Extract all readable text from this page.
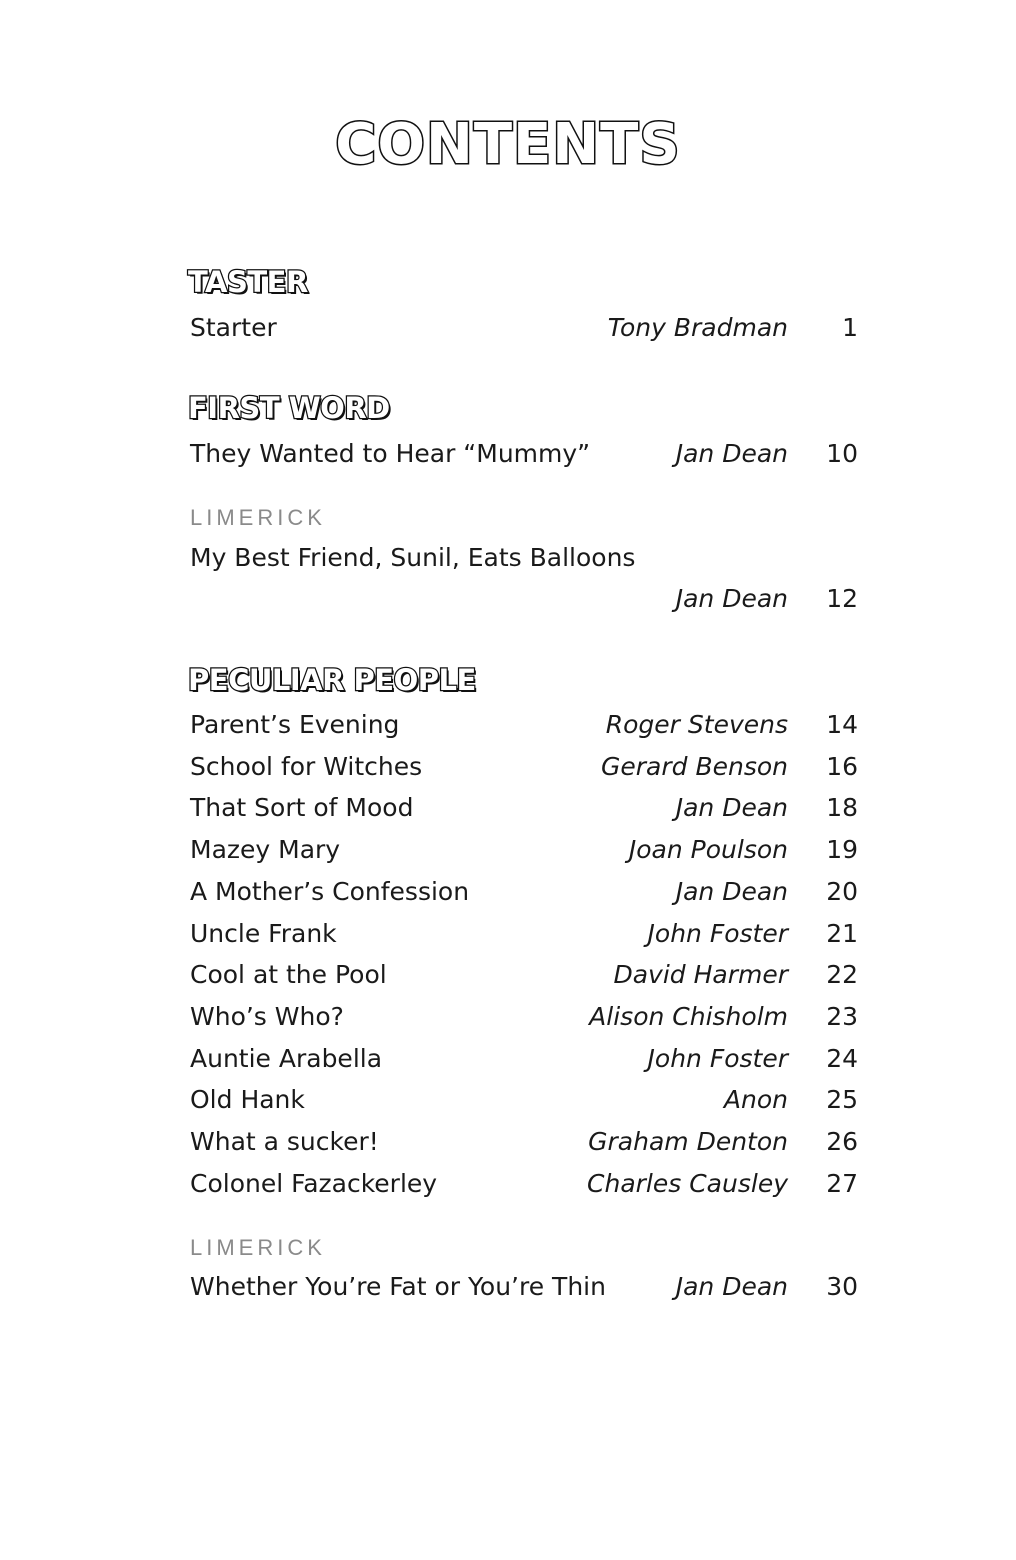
CONTENTS
TASTER
Starter	Tony Bradman 1
FIRST WORD
They Wanted to Hear “Mummy”	Jan Dean 10
LIMERICK
My Best Friend, Sunil, Eats Balloons
Jan Dean 12
PECULIAR PEOPLE
Parent’s Evening	Roger Stevens 14
School for Witches	Gerard Benson 16
That Sort of Mood	Jan Dean 18
Mazey Mary	Joan Poulson 19
A Mother’s Confession	Jan Dean 20
Uncle Frank	John Foster 21
Cool at the Pool	David Harmer 22
Who’s Who?	Alison Chisholm 23
Auntie Arabella	John Foster 24
Old Hank	Anon 25
What a sucker!	Graham Denton 26
Colonel Fazackerley	Charles Causley 27
LIMERICK
Whether You’re Fat or You’re Thin	Jan Dean 30
